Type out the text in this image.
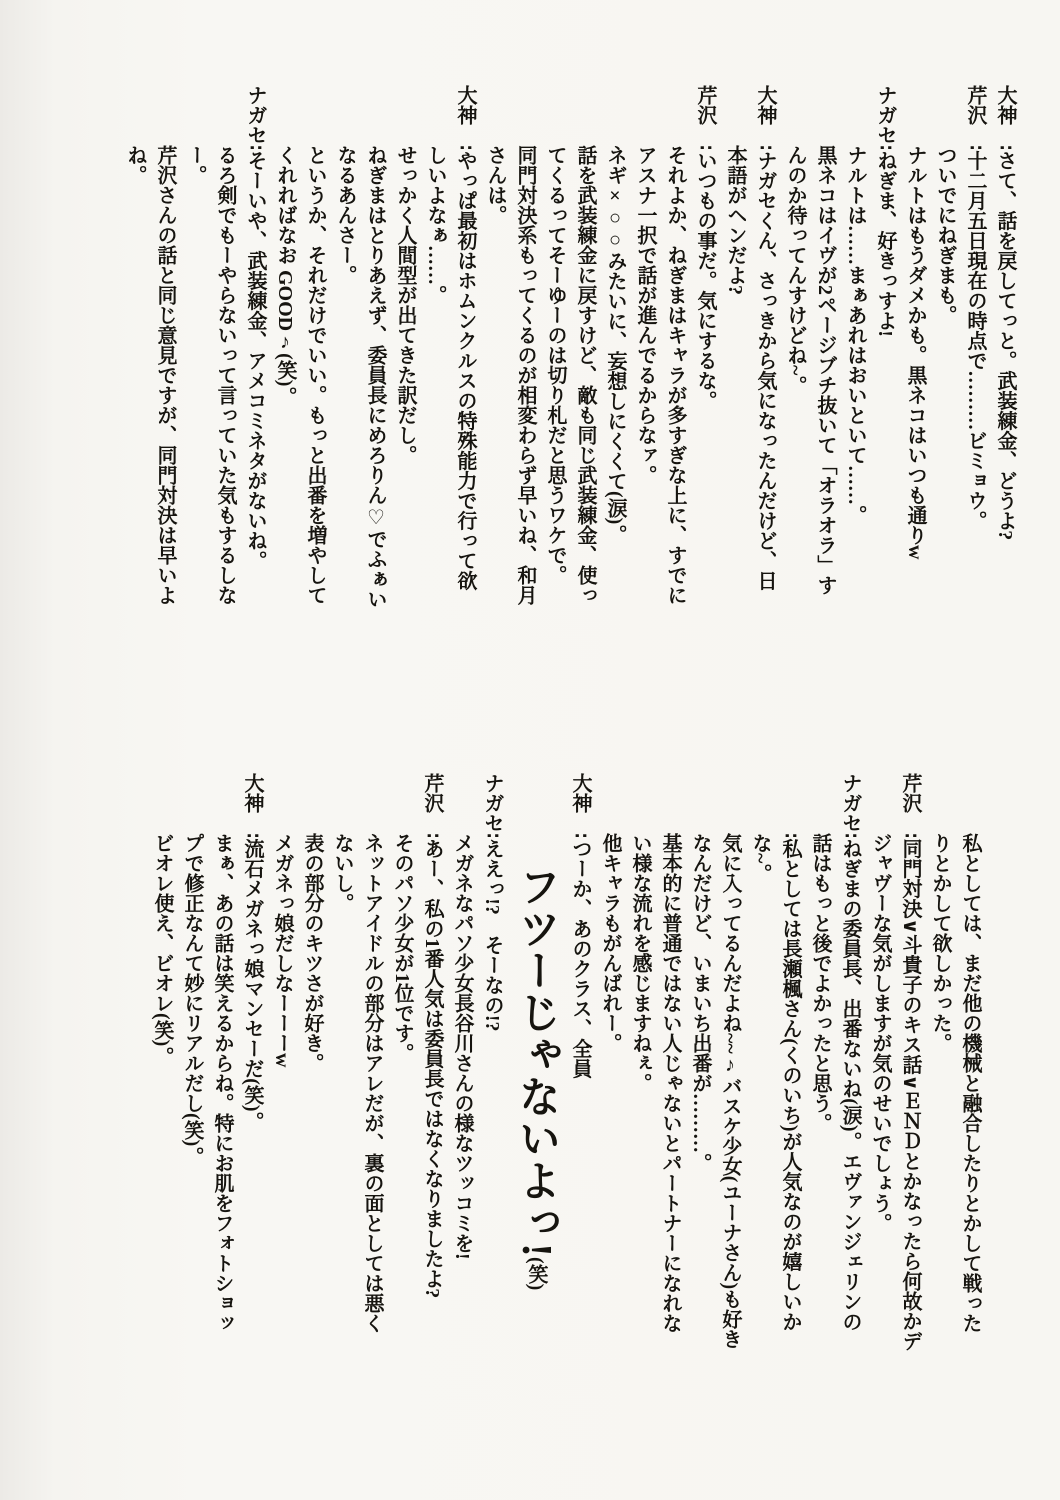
大神　∶さて、話を戻してっと。武装練金、どうよ?

芹沢　∶十二月五日現在の時点で………ビミョウ。

ついでにねぎまも。

ナルトはもうダメかも。黒ネコはいつも通りw

ナガセ∶ねぎま、好きっすよ!

ナルトは……まぁあれはおいといて……。

黒ネコはイヴが2ページブチ抜いて「オラオラ」すんのか待ってんすけどね~。

大神　∶ナガセくん、さっきから気になったんだけど、日本語がヘンだよ?

芹沢　∶いつもの事だ。気にするな。

それよか、ねぎまはキャラが多すぎな上に、すでにアスナ一択で話が進んでるからなァ。

ネギ×○○みたいに、妄想しにくくて(涙)。

話を武装練金に戻すけど、敵も同じ武装練金、使ってくるってそーゆーのは切り札だと思うワケで。

同門対決系もってくるのが相変わらず早いね、和月さんは。

大神　∶やっぱ最初はホムンクルスの特殊能力で行って欲しいよなぁ……。

せっかく人間型が出てきた訳だし。

ねぎまはとりあえず、委員長にめろりん♡でふぁいなるあんさー。

というか、それだけでいい。もっと出番を増やしてくれればなお GOOD♪(笑)。

ナガセ∶そーいや、武装練金、アメコミネタがないね。

るろ剣でもーやらないって言っていた気もするしなー。

芹沢さんの話と同じ意見ですが、同門対決は早いよね。

私としては、まだ他の機械と融合したりとかして戦ったりとかして欲しかった。

芹沢　∶同門対決∨斗貴子のキス話∨ＥＮＤとかなったら何故かデジャヴーな気がしますが気のせいでしょう。

ナガセ∶ねぎまの委員長、出番ないね(涙)。エヴァンジェリンの話はもっと後でよかったと思う。

∶私としては長瀬楓さん(くのいち)が人気なのが嬉しいかな~。

気に入ってるんだよね~~♪バスケ少女(ユーナさん)も好きなんだけど、いまいち出番が………。

基本的に普通ではない人じゃないとパートナーになれない様な流れを感じますねぇ。

他キャラもがんばれー。

大神　∶つーか、あのクラス、全員

フツーじゃないよっ!(笑)

ナガセ∶ええっ!?　そーなの!?

メガネなパソ少女長谷川さんの様なツッコミを!

芹沢　∶あー、私の1番人気は委員長ではなくなりましたよ?

そのパソ少女が1位です。

ネットアイドルの部分はアレだが、裏の面としては悪くないし。

表の部分のキツさが好き。

メガネっ娘だしなーーーw

大神　∶流石メガネっ娘マンセーだ(笑)。

まぁ、あの話は笑えるからね。特にお肌をフォトショップで修正なんて妙にリアルだし(笑)。

ビオレ使え、ビオレ(笑)。
